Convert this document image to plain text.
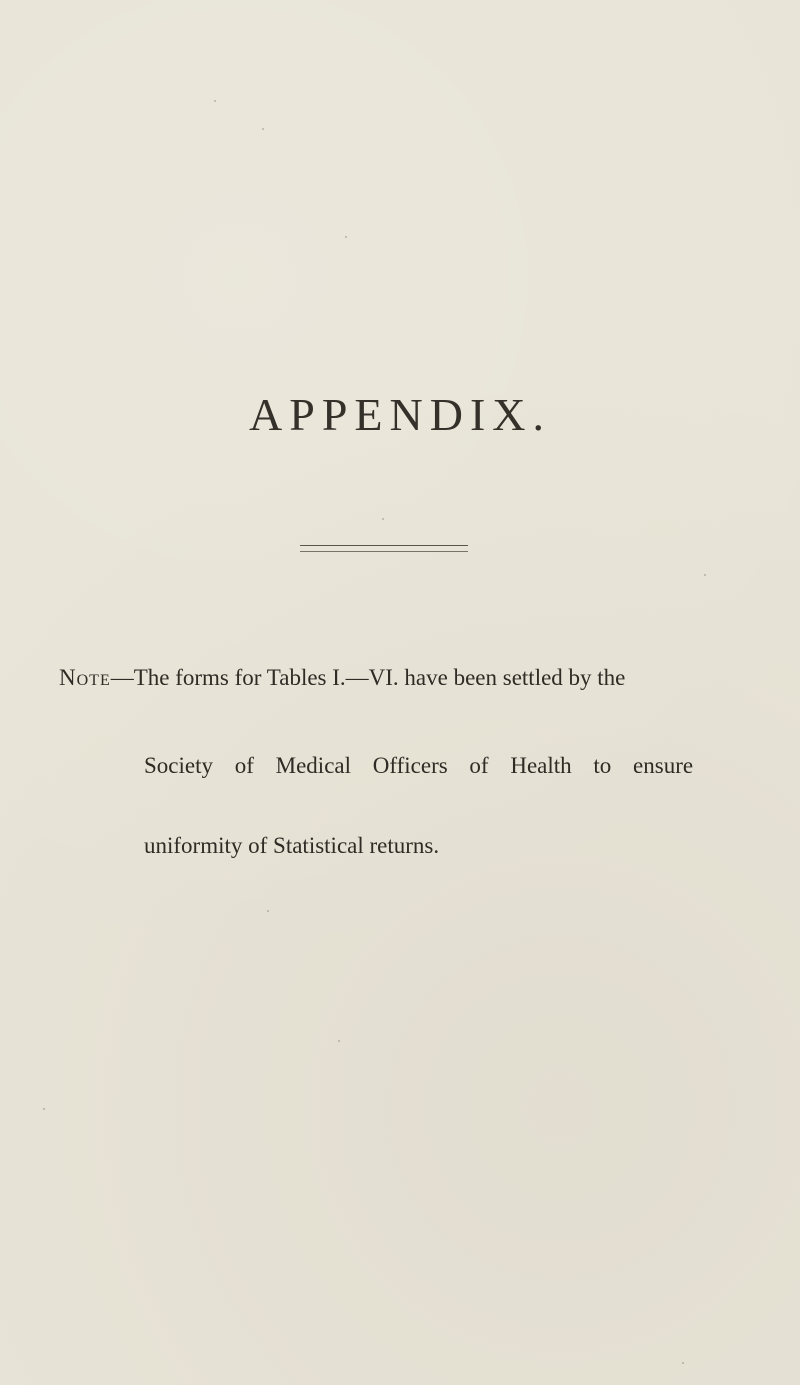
APPENDIX.
Note—The forms for Tables I.—VI. have been settled by the
Society of Medical Officers of Health to ensure
uniformity of Statistical returns.
